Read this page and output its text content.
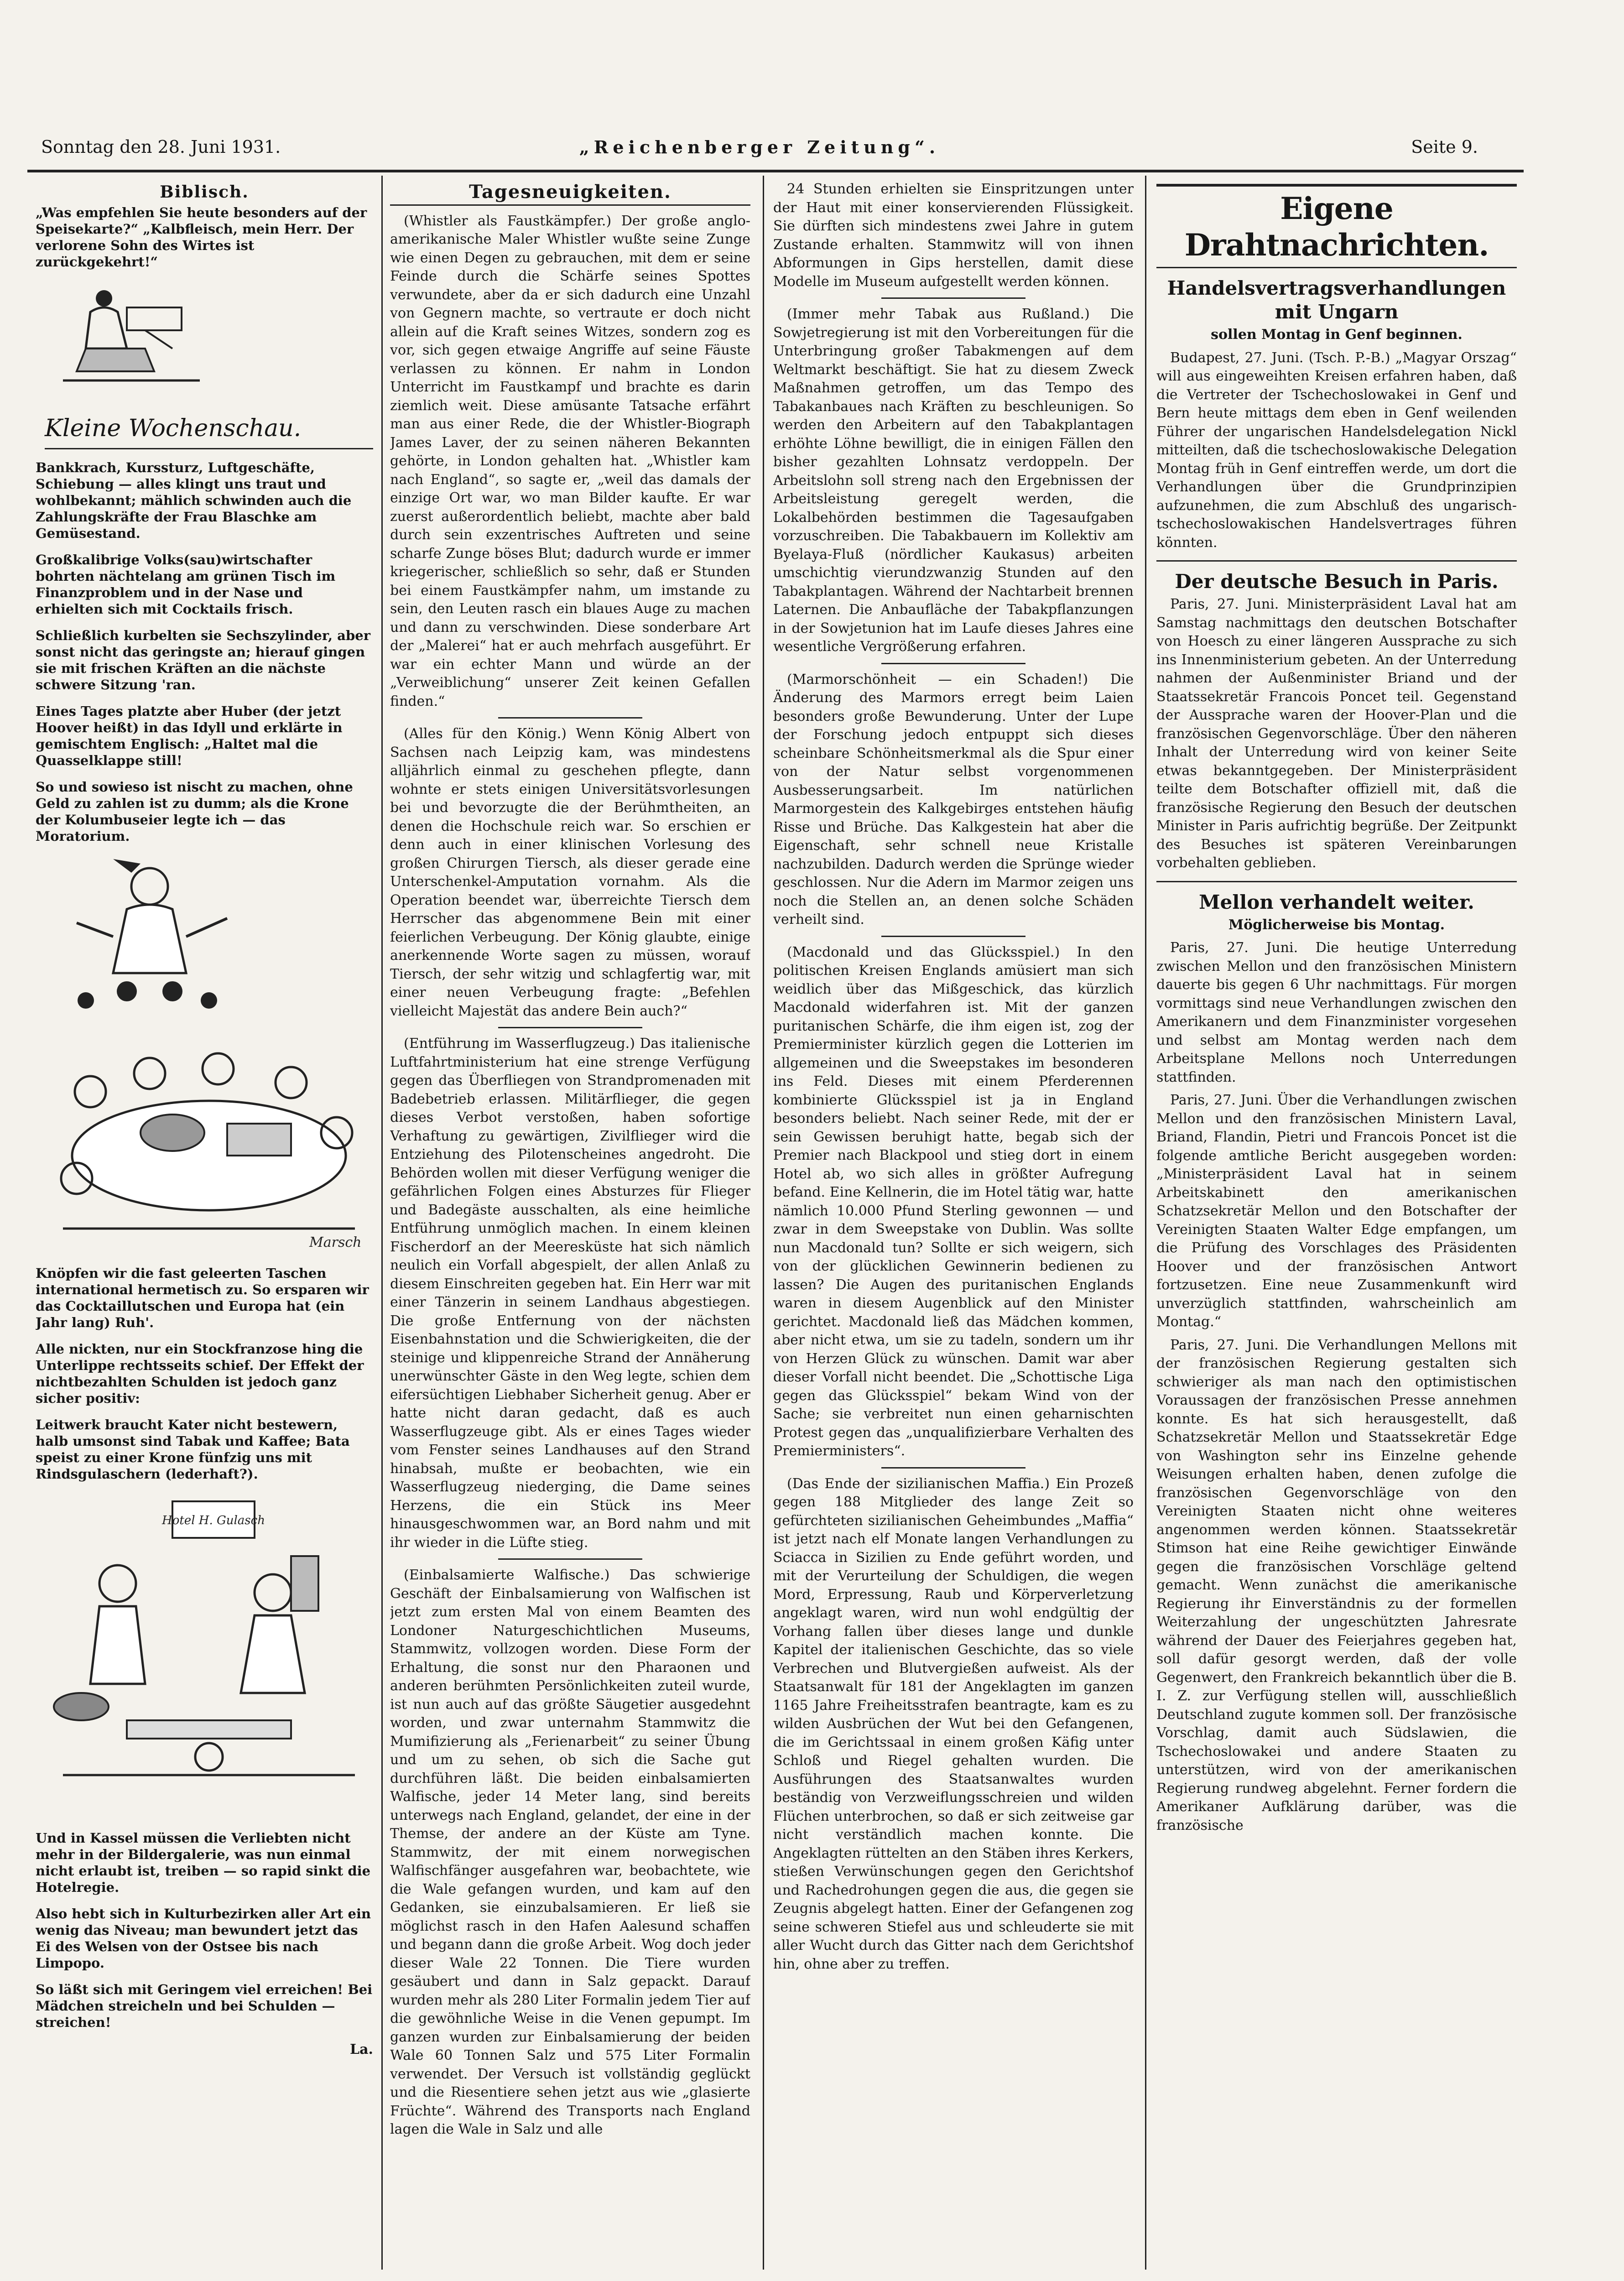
Sonntag den 28. Juni 1931.	„Reichenberger Zeitung“.	Seite 9.
Biblisch.

„Was empfehlen Sie heute besonders auf der Speisekarte?“ „Kalbfleisch, mein Herr. Der verlorene Sohn des Wirtes ist zurückgekehrt!“

Kleine Wochenschau.

Bankkrach, Kurssturz, Luftgeschäfte, Schiebung — alles klingt uns traut und wohlbekannt; mählich schwinden auch die Zahlungskräfte der Frau Blaschke am Gemüsestand.

Großkalibrige Volks(sau)wirtschafter bohrten nächtelang am grünen Tisch im Finanzproblem und in der Nase und erhielten sich mit Cocktails frisch.

Schließlich kurbelten sie Sechszylinder, aber sonst nicht das geringste an; hierauf gingen sie mit frischen Kräften an die nächste schwere Sitzung 'ran.

Eines Tages platzte aber Huber (der jetzt Hoover heißt) in das Idyll und erklärte in gemischtem Englisch: „Haltet mal die Quasselklappe still!

So und sowieso ist nischt zu machen, ohne Geld zu zahlen ist zu dumm; als die Krone der Kolumbuseier legte ich — das Moratorium.

Marsch

Knöpfen wir die fast geleerten Taschen international hermetisch zu. So ersparen wir das Cocktaillutschen und Europa hat (ein Jahr lang) Ruh'.

Alle nickten, nur ein Stockfranzose hing die Unterlippe rechtsseits schief. Der Effekt der nichtbezahlten Schulden ist jedoch ganz sicher positiv:

Leitwerk braucht Kater nicht bestewern, halb umsonst sind Tabak und Kaffee; Bata speist zu einer Krone fünfzig uns mit Rindsgulaschern (lederhaft?).

Hotel H. Gulasch

Und in Kassel müssen die Verliebten nicht mehr in der Bildergalerie, was nun einmal nicht erlaubt ist, treiben — so rapid sinkt die Hotelregie.

Also hebt sich in Kulturbezirken aller Art ein wenig das Niveau; man bewundert jetzt das Ei des Welsen von der Ostsee bis nach Limpopo.

So läßt sich mit Geringem viel erreichen! Bei Mädchen streicheln und bei Schulden — streichen!

La.
Tagesneuigkeiten.

(Whistler als Faustkämpfer.) Der große anglo-amerikanische Maler Whistler wußte seine Zunge wie einen Degen zu gebrauchen, mit dem er seine Feinde durch die Schärfe seines Spottes verwundete, aber da er sich dadurch eine Unzahl von Gegnern machte, so vertraute er doch nicht allein auf die Kraft seines Witzes, sondern zog es vor, sich gegen etwaige Angriffe auf seine Fäuste verlassen zu können. Er nahm in London Unterricht im Faustkampf und brachte es darin ziemlich weit. Diese amüsante Tatsache erfährt man aus einer Rede, die der Whistler-Biograph James Laver, der zu seinen näheren Bekannten gehörte, in London gehalten hat. „Whistler kam nach England“, so sagte er, „weil das damals der einzige Ort war, wo man Bilder kaufte. Er war zuerst außerordentlich beliebt, machte aber bald durch sein exzentrisches Auftreten und seine scharfe Zunge böses Blut; dadurch wurde er immer kriegerischer, schließlich so sehr, daß er Stunden bei einem Faustkämpfer nahm, um imstande zu sein, den Leuten rasch ein blaues Auge zu machen und dann zu verschwinden. Diese sonderbare Art der „Malerei“ hat er auch mehrfach ausgeführt. Er war ein echter Mann und würde an der „Verweiblichung“ unserer Zeit keinen Gefallen finden.“

(Alles für den König.) Wenn König Albert von Sachsen nach Leipzig kam, was mindestens alljährlich einmal zu geschehen pflegte, dann wohnte er stets einigen Universitätsvorlesungen bei und bevorzugte die der Berühmtheiten, an denen die Hochschule reich war. So erschien er denn auch in einer klinischen Vorlesung des großen Chirurgen Tiersch, als dieser gerade eine Unterschenkel-Amputation vornahm. Als die Operation beendet war, überreichte Tiersch dem Herrscher das abgenommene Bein mit einer feierlichen Verbeugung. Der König glaubte, einige anerkennende Worte sagen zu müssen, worauf Tiersch, der sehr witzig und schlagfertig war, mit einer neuen Verbeugung fragte: „Befehlen vielleicht Majestät das andere Bein auch?“

(Entführung im Wasserflugzeug.) Das italienische Luftfahrtministerium hat eine strenge Verfügung gegen das Überfliegen von Strandpromenaden mit Badebetrieb erlassen. Militärflieger, die gegen dieses Verbot verstoßen, haben sofortige Verhaftung zu gewärtigen, Zivilflieger wird die Entziehung des Pilotenscheines angedroht. Die Behörden wollen mit dieser Verfügung weniger die gefährlichen Folgen eines Absturzes für Flieger und Badegäste ausschalten, als eine heimliche Entführung unmöglich machen. In einem kleinen Fischerdorf an der Meeresküste hat sich nämlich neulich ein Vorfall abgespielt, der allen Anlaß zu diesem Einschreiten gegeben hat. Ein Herr war mit einer Tänzerin in seinem Landhaus abgestiegen. Die große Entfernung von der nächsten Eisenbahnstation und die Schwierigkeiten, die der steinige und klippenreiche Strand der Annäherung unerwünschter Gäste in den Weg legte, schien dem eifersüchtigen Liebhaber Sicherheit genug. Aber er hatte nicht daran gedacht, daß es auch Wasserflugzeuge gibt. Als er eines Tages wieder vom Fenster seines Landhauses auf den Strand hinabsah, mußte er beobachten, wie ein Wasserflugzeug niederging, die Dame seines Herzens, die ein Stück ins Meer hinausgeschwommen war, an Bord nahm und mit ihr wieder in die Lüfte stieg.

(Einbalsamierte Walfische.) Das schwierige Geschäft der Einbalsamierung von Walfischen ist jetzt zum ersten Mal von einem Beamten des Londoner Naturgeschichtlichen Museums, Stammwitz, vollzogen worden. Diese Form der Erhaltung, die sonst nur den Pharaonen und anderen berühmten Persönlichkeiten zuteil wurde, ist nun auch auf das größte Säugetier ausgedehnt worden, und zwar unternahm Stammwitz die Mumifizierung als „Ferienarbeit“ zu seiner Übung und um zu sehen, ob sich die Sache gut durchführen läßt. Die beiden einbalsamierten Walfische, jeder 14 Meter lang, sind bereits unterwegs nach England, gelandet, der eine in der Themse, der andere an der Küste am Tyne. Stammwitz, der mit einem norwegischen Walfischfänger ausgefahren war, beobachtete, wie die Wale gefangen wurden, und kam auf den Gedanken, sie einzubalsamieren. Er ließ sie möglichst rasch in den Hafen Aalesund schaffen und begann dann die große Arbeit. Wog doch jeder dieser Wale 22 Tonnen. Die Tiere wurden gesäubert und dann in Salz gepackt. Darauf wurden mehr als 280 Liter Formalin jedem Tier auf die gewöhnliche Weise in die Venen gepumpt. Im ganzen wurden zur Einbalsamierung der beiden Wale 60 Tonnen Salz und 575 Liter Formalin verwendet. Der Versuch ist vollständig geglückt und die Riesentiere sehen jetzt aus wie „glasierte Früchte“. Während des Transports nach England lagen die Wale in Salz und alle

24 Stunden erhielten sie Einspritzungen unter der Haut mit einer konservierenden Flüssigkeit. Sie dürften sich mindestens zwei Jahre in gutem Zustande erhalten. Stammwitz will von ihnen Abformungen in Gips herstellen, damit diese Modelle im Museum aufgestellt werden können.

(Immer mehr Tabak aus Rußland.) Die Sowjetregierung ist mit den Vorbereitungen für die Unterbringung großer Tabakmengen auf dem Weltmarkt beschäftigt. Sie hat zu diesem Zweck Maßnahmen getroffen, um das Tempo des Tabakanbaues nach Kräften zu beschleunigen. So werden den Arbeitern auf den Tabakplantagen erhöhte Löhne bewilligt, die in einigen Fällen den bisher gezahlten Lohnsatz verdoppeln. Der Arbeitslohn soll streng nach den Ergebnissen der Arbeitsleistung geregelt werden, die Lokalbehörden bestimmen die Tagesaufgaben vorzuschreiben. Die Tabakbauern im Kollektiv am Byelaya-Fluß (nördlicher Kaukasus) arbeiten umschichtig vierundzwanzig Stunden auf den Tabakplantagen. Während der Nachtarbeit brennen Laternen. Die Anbaufläche der Tabakpflanzungen in der Sowjetunion hat im Laufe dieses Jahres eine wesentliche Vergrößerung erfahren.

(Marmorschönheit — ein Schaden!) Die Änderung des Marmors erregt beim Laien besonders große Bewunderung. Unter der Lupe der Forschung jedoch entpuppt sich dieses scheinbare Schönheitsmerkmal als die Spur einer von der Natur selbst vorgenommenen Ausbesserungsarbeit. Im natürlichen Marmorgestein des Kalkgebirges entstehen häufig Risse und Brüche. Das Kalkgestein hat aber die Eigenschaft, sehr schnell neue Kristalle nachzubilden. Dadurch werden die Sprünge wieder geschlossen. Nur die Adern im Marmor zeigen uns noch die Stellen an, an denen solche Schäden verheilt sind.

(Macdonald und das Glücksspiel.) In den politischen Kreisen Englands amüsiert man sich weidlich über das Mißgeschick, das kürzlich Macdonald widerfahren ist. Mit der ganzen puritanischen Schärfe, die ihm eigen ist, zog der Premierminister kürzlich gegen die Lotterien im allgemeinen und die Sweepstakes im besonderen ins Feld. Dieses mit einem Pferderennen kombinierte Glücksspiel ist ja in England besonders beliebt. Nach seiner Rede, mit der er sein Gewissen beruhigt hatte, begab sich der Premier nach Blackpool und stieg dort in einem Hotel ab, wo sich alles in größter Aufregung befand. Eine Kellnerin, die im Hotel tätig war, hatte nämlich 10.000 Pfund Sterling gewonnen — und zwar in dem Sweepstake von Dublin. Was sollte nun Macdonald tun? Sollte er sich weigern, sich von der glücklichen Gewinnerin bedienen zu lassen? Die Augen des puritanischen Englands waren in diesem Augenblick auf den Minister gerichtet. Macdonald ließ das Mädchen kommen, aber nicht etwa, um sie zu tadeln, sondern um ihr von Herzen Glück zu wünschen. Damit war aber dieser Vorfall nicht beendet. Die „Schottische Liga gegen das Glücksspiel“ bekam Wind von der Sache; sie verbreitet nun einen geharnischten Protest gegen das „unqualifizierbare Verhalten des Premierministers“.

(Das Ende der sizilianischen Maffia.) Ein Prozeß gegen 188 Mitglieder des lange Zeit so gefürchteten sizilianischen Geheimbundes „Maffia“ ist jetzt nach elf Monate langen Verhandlungen zu Sciacca in Sizilien zu Ende geführt worden, und mit der Verurteilung der Schuldigen, die wegen Mord, Erpressung, Raub und Körperverletzung angeklagt waren, wird nun wohl endgültig der Vorhang fallen über dieses lange und dunkle Kapitel der italienischen Geschichte, das so viele Verbrechen und Blutvergießen aufweist. Als der Staatsanwalt für 181 der Angeklagten im ganzen 1165 Jahre Freiheitsstrafen beantragte, kam es zu wilden Ausbrüchen der Wut bei den Gefangenen, die im Gerichtssaal in einem großen Käfig unter Schloß und Riegel gehalten wurden. Die Ausführungen des Staatsanwaltes wurden beständig von Verzweiflungsschreien und wilden Flüchen unterbrochen, so daß er sich zeitweise gar nicht verständlich machen konnte. Die Angeklagten rüttelten an den Stäben ihres Kerkers, stießen Verwünschungen gegen den Gerichtshof und Rachedrohungen gegen die aus, die gegen sie Zeugnis abgelegt hatten. Einer der Gefangenen zog seine schweren Stiefel aus und schleuderte sie mit aller Wucht durch das Gitter nach dem Gerichtshof hin, ohne aber zu treffen.

Eigene Drahtnachrichten.
Handelsvertragsverhandlungen mit Ungarn
sollen Montag in Genf beginnen.

Budapest, 27. Juni. (Tsch. P.-B.) „Magyar Orszag“ will aus eingeweihten Kreisen erfahren haben, daß die Vertreter der Tschechoslowakei in Genf und Bern heute mittags dem eben in Genf weilenden Führer der ungarischen Handelsdelegation Nickl mitteilten, daß die tschechoslowakische Delegation Montag früh in Genf eintreffen werde, um dort die Verhandlungen über die Grundprinzipien aufzunehmen, die zum Abschluß des ungarisch-tschechoslowakischen Handelsvertrages führen könnten.

Der deutsche Besuch in Paris.

Paris, 27. Juni. Ministerpräsident Laval hat am Samstag nachmittags den deutschen Botschafter von Hoesch zu einer längeren Aussprache zu sich ins Innenministerium gebeten. An der Unterredung nahmen der Außenminister Briand und der Staatssekretär Francois Poncet teil. Gegenstand der Aussprache waren der Hoover-Plan und die französischen Gegenvorschläge. Über den näheren Inhalt der Unterredung wird von keiner Seite etwas bekanntgegeben. Der Ministerpräsident teilte dem Botschafter offiziell mit, daß die französische Regierung den Besuch der deutschen Minister in Paris aufrichtig begrüße. Der Zeitpunkt des Besuches ist späteren Vereinbarungen vorbehalten geblieben.

Mellon verhandelt weiter.
Möglicherweise bis Montag.

Paris, 27. Juni. Die heutige Unterredung zwischen Mellon und den französischen Ministern dauerte bis gegen 6 Uhr nachmittags. Für morgen vormittags sind neue Verhandlungen zwischen den Amerikanern und dem Finanzminister vorgesehen und selbst am Montag werden nach dem Arbeitsplane Mellons noch Unterredungen stattfinden.

Paris, 27. Juni. Über die Verhandlungen zwischen Mellon und den französischen Ministern Laval, Briand, Flandin, Pietri und Francois Poncet ist die folgende amtliche Bericht ausgegeben worden: „Ministerpräsident Laval hat in seinem Arbeitskabinett den amerikanischen Schatzsekretär Mellon und den Botschafter der Vereinigten Staaten Walter Edge empfangen, um die Prüfung des Vorschlages des Präsidenten Hoover und der französischen Antwort fortzusetzen. Eine neue Zusammenkunft wird unverzüglich stattfinden, wahrscheinlich am Montag.“

Paris, 27. Juni. Die Verhandlungen Mellons mit der französischen Regierung gestalten sich schwieriger als man nach den optimistischen Voraussagen der französischen Presse annehmen konnte. Es hat sich herausgestellt, daß Schatzsekretär Mellon und Staatssekretär Edge von Washington sehr ins Einzelne gehende Weisungen erhalten haben, denen zufolge die französischen Gegenvorschläge von den Vereinigten Staaten nicht ohne weiteres angenommen werden können. Staatssekretär Stimson hat eine Reihe gewichtiger Einwände gegen die französischen Vorschläge geltend gemacht. Wenn zunächst die amerikanische Regierung ihr Einverständnis zu der formellen Weiterzahlung der ungeschützten Jahresrate während der Dauer des Feierjahres gegeben hat, soll dafür gesorgt werden, daß der volle Gegenwert, den Frankreich bekanntlich über die B. I. Z. zur Verfügung stellen will, ausschließlich Deutschland zugute kommen soll. Der französische Vorschlag, damit auch Südslawien, die Tschechoslowakei und andere Staaten zu unterstützen, wird von der amerikanischen Regierung rundweg abgelehnt. Ferner fordern die Amerikaner Aufklärung darüber, was die französische
